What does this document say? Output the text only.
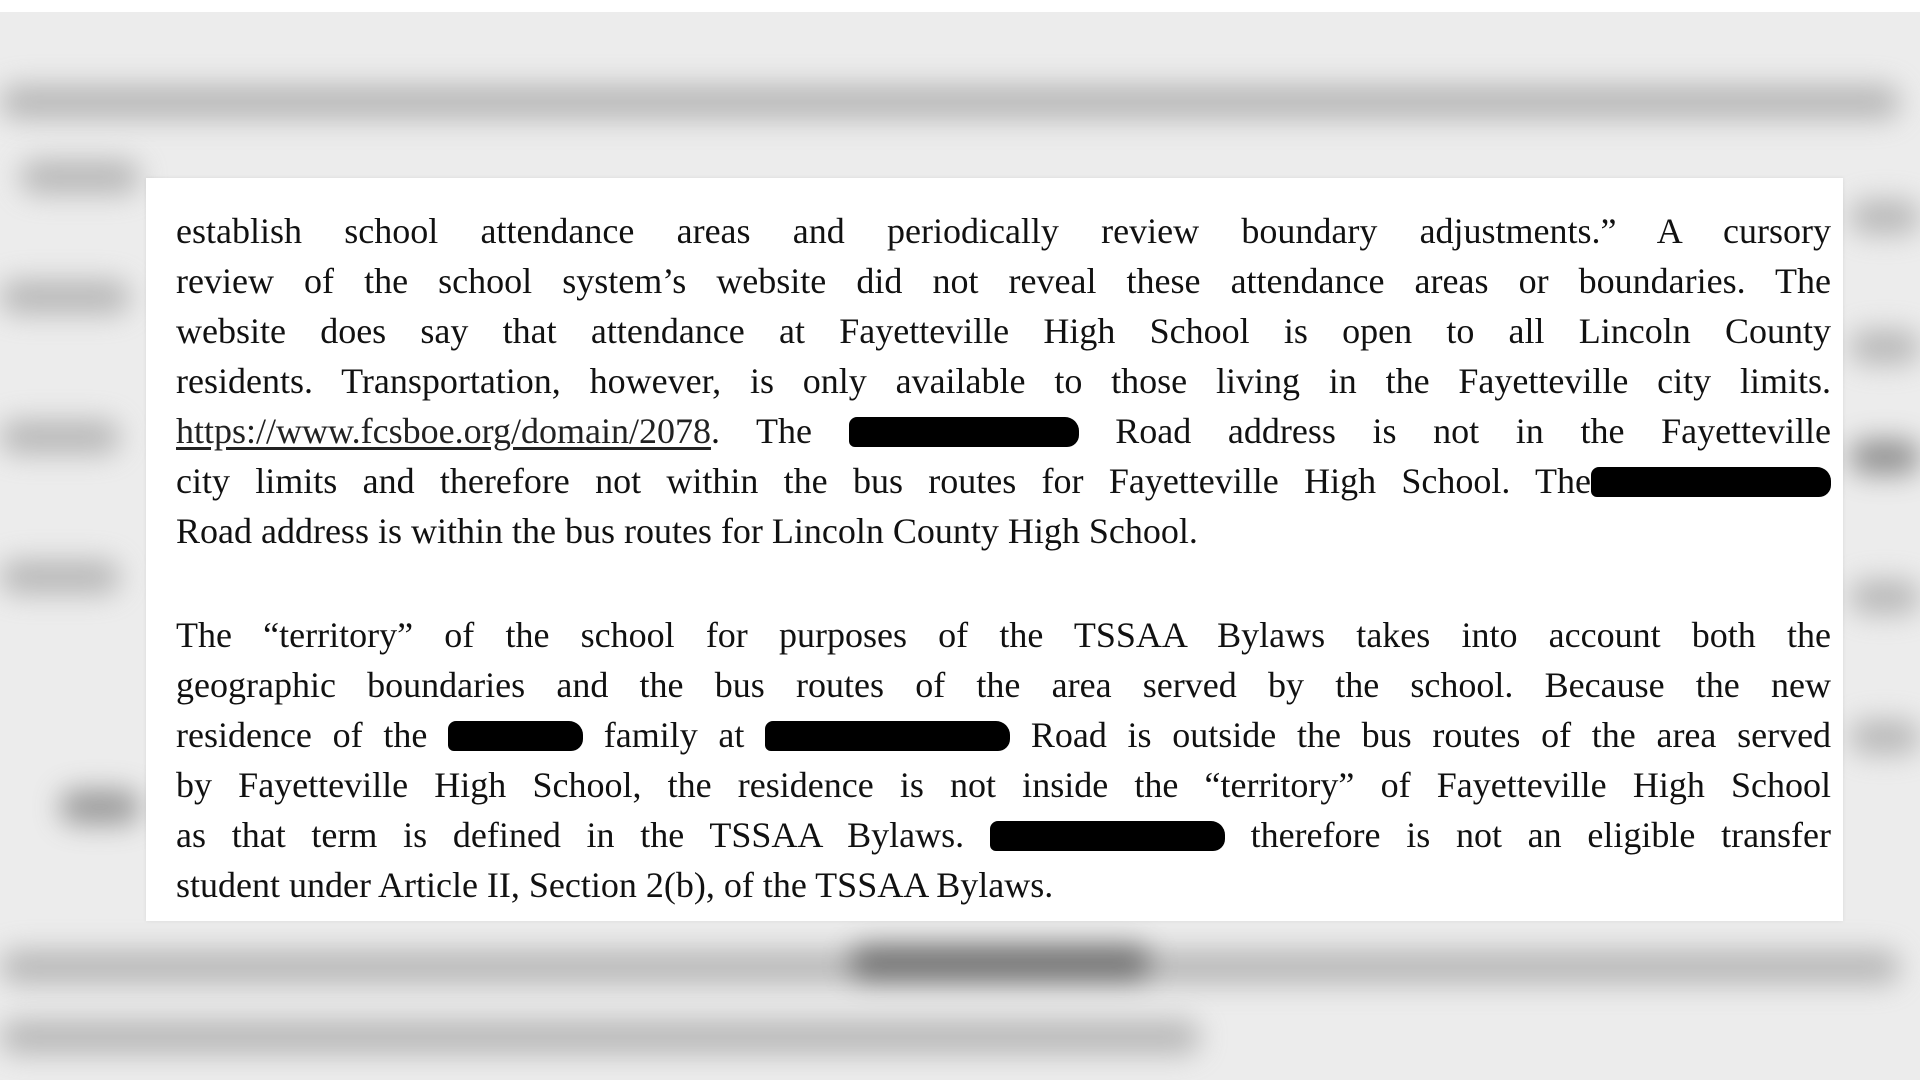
establish school attendance areas and periodically review boundary adjustments.” A cursory
review of the school system’s website did not reveal these attendance areas or boundaries. The
website does say that attendance at Fayetteville High School is open to all Lincoln County
residents. Transportation, however, is only available to those living in the Fayetteville city limits.
https://www.fcsboe.org/domain/2078. The	Road address is not in the Fayetteville
city limits and therefore not within the bus routes for Fayetteville High School. The
Road address is within the bus routes for Lincoln County High School.
The “territory” of the school for purposes of the TSSAA Bylaws takes into account both the
geographic boundaries and the bus routes of the area served by the school. Because the new
residence of the	family at	Road is outside the bus routes of the area served
by Fayetteville High School, the residence is not inside the “territory” of Fayetteville High School
as that term is defined in the TSSAA Bylaws.	therefore is not an eligible transfer
student under Article II, Section 2(b), of the TSSAA Bylaws.
